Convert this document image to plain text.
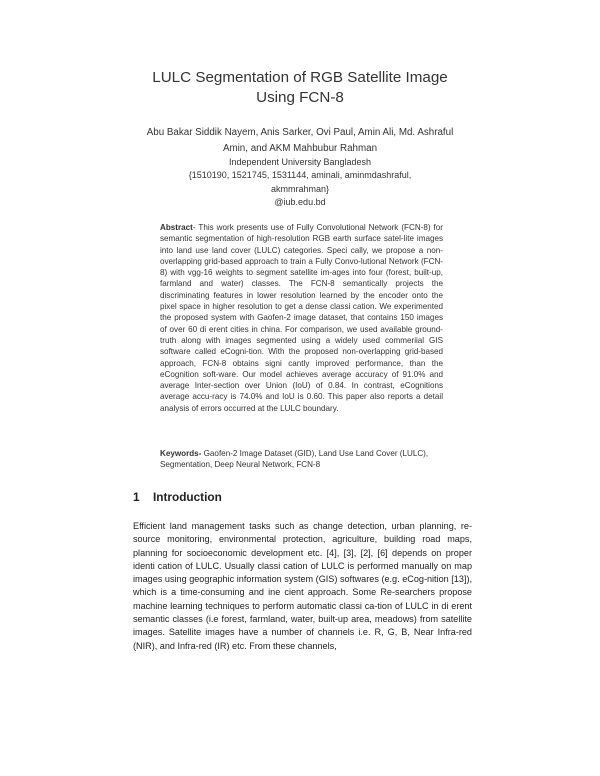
LULC Segmentation of RGB Satellite Image
Using FCN-8
Abu Bakar Siddik Nayem, Anis Sarker, Ovi Paul, Amin Ali, Md. Ashraful
Amin, and AKM Mahbubur Rahman
Independent University Bangladesh
{1510190, 1521745, 1531144, aminali, aminmdashraful, akmmrahman}
@iub.edu.bd
Abstract- This work presents use of Fully Convolutional Network (FCN-8) for semantic segmentation of high-resolution RGB earth surface satel-lite images into land use land cover (LULC) categories. Speci cally, we propose a non-overlapping grid-based approach to train a Fully Convo-lutional Network (FCN-8) with vgg-16 weights to segment satellite im-ages into four (forest, built-up, farmland and water) classes. The FCN-8 semantically projects the discriminating features in lower resolution learned by the encoder onto the pixel space in higher resolution to get a dense classi cation. We experimented the proposed system with Gaofen-2 image dataset, that contains 150 images of over 60 di erent cities in china. For comparison, we used available ground-truth along with images segmented using a widely used commeriial GIS software called eCogni-tion. With the proposed non-overlapping grid-based approach, FCN-8 obtains signi cantly improved performance, than the eCognition soft-ware. Our model achieves average accuracy of 91.0% and average Inter-section over Union (IoU) of 0.84. In contrast, eCognitions average accu-racy is 74.0% and IoU is 0.60. This paper also reports a detail analysis of errors occurred at the LULC boundary.
Keywords- Gaofen-2 Image Dataset (GID), Land Use Land Cover (LULC), Segmentation, Deep Neural Network, FCN-8
1 Introduction
Efficient land management tasks such as change detection, urban planning, re-source monitoring, environmental protection, agriculture, building road maps, planning for socioeconomic development etc. [4], [3], [2], [6] depends on proper identi cation of LULC. Usually classi cation of LULC is performed manually on map images using geographic information system (GIS) softwares (e.g. eCog-nition [13]), which is a time-consuming and ine cient approach. Some Re-searchers propose machine learning techniques to perform automatic classi ca-tion of LULC in di erent semantic classes (i.e forest, farmland, water, built-up area, meadows) from satellite images. Satellite images have a number of channels i.e. R, G, B, Near Infra-red (NIR), and Infra-red (IR) etc. From these channels,
